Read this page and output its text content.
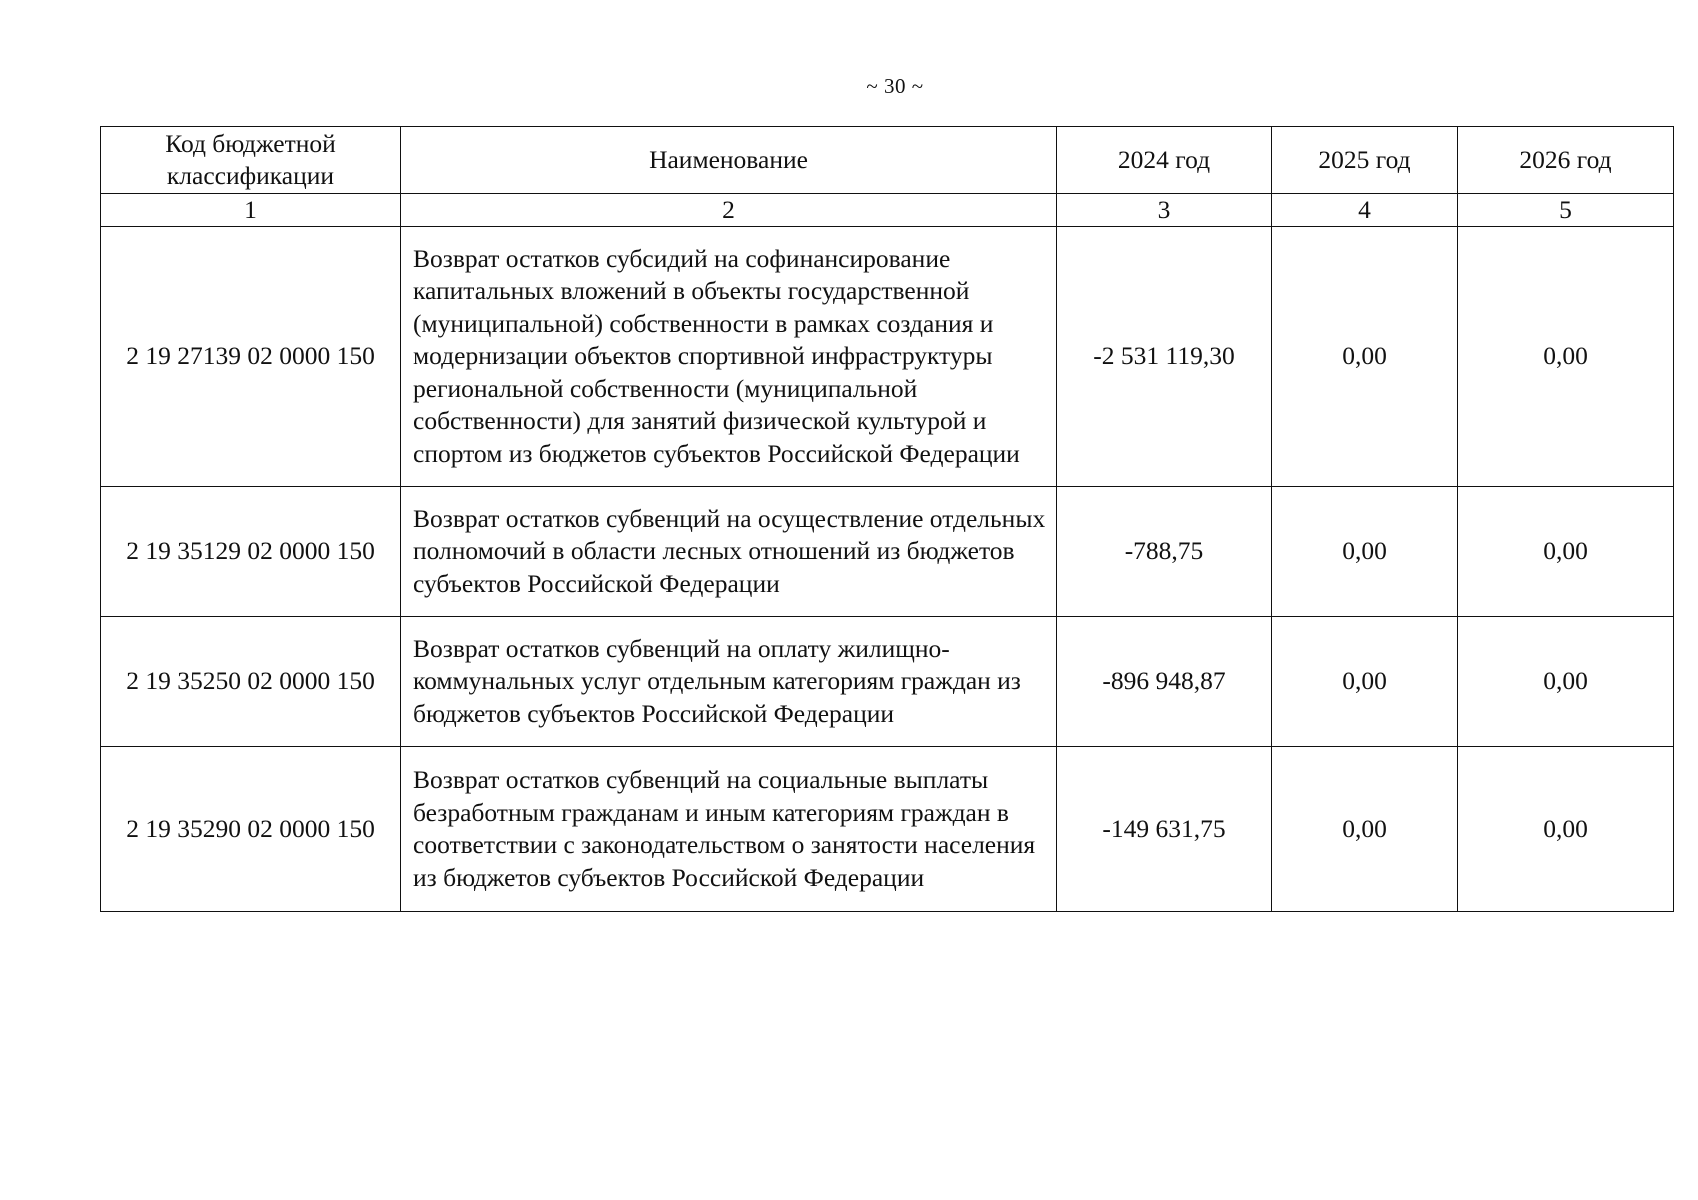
~ 30 ~
Код бюджетной классификации	Наименование	2024 год	2025 год	2026 год
1	2	3	4	5
2 19 27139 02 0000 150	Возврат остатков субсидий на софинансирование капитальных вложений в объекты государственной (муниципальной) собственности в рамках создания и модернизации объектов спортивной инфраструктуры региональной собственности (муниципальной собственности) для занятий физической культурой и спортом из бюджетов субъектов Российской Федерации	-2 531 119,30	0,00	0,00
2 19 35129 02 0000 150	Возврат остатков субвенций на осуществление отдельных полномочий в области лесных отношений из бюджетов субъектов Российской Федерации	-788,75	0,00	0,00
2 19 35250 02 0000 150	Возврат остатков субвенций на оплату жилищно-коммунальных услуг отдельным категориям граждан из бюджетов субъектов Российской Федерации	-896 948,87	0,00	0,00
2 19 35290 02 0000 150	Возврат остатков субвенций на социальные выплаты безработным гражданам и иным категориям граждан в соответствии с законодательством о занятости населения из бюджетов субъектов Российской Федерации	-149 631,75	0,00	0,00
